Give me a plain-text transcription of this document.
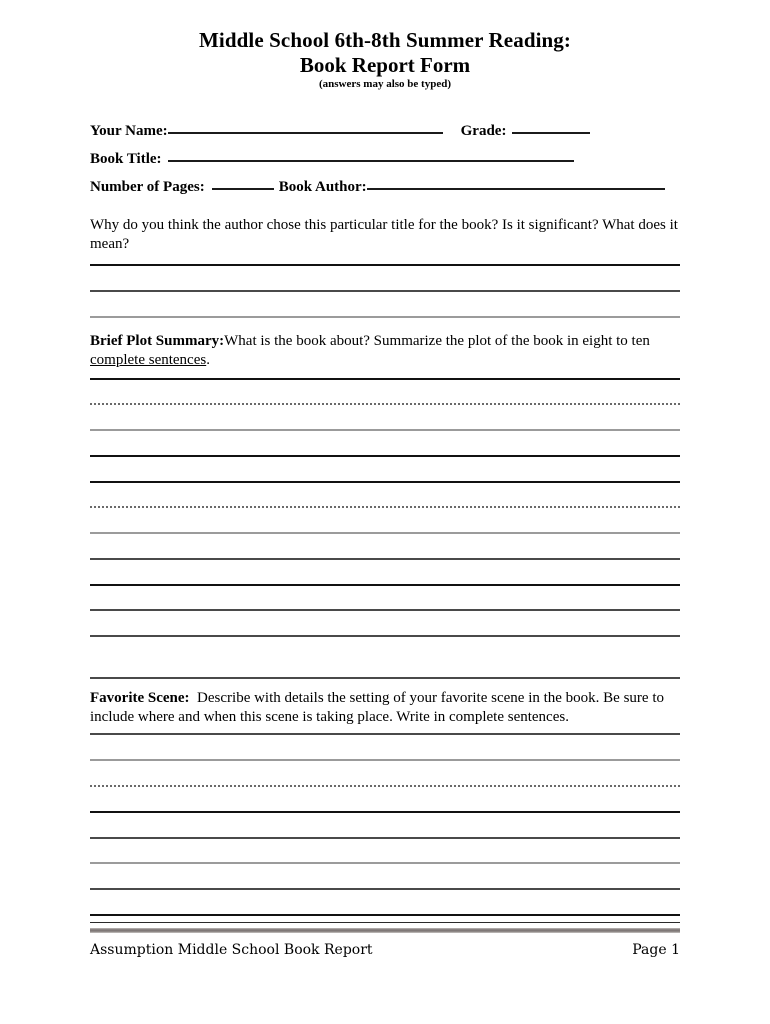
Middle School 6th-8th Summer Reading:
Book Report Form
(answers may also be typed)
Your Name:	Grade:
Book Title:
Number of Pages:	Book Author:
Why do you think the author chose this particular title for the book? Is it significant? What does it mean?
Brief Plot Summary:What is the book about? Summarize the plot of the book in eight to ten complete sentences.
Favorite Scene: Describe with details the setting of your favorite scene in the book. Be sure to include where and when this scene is taking place. Write in complete sentences.
Assumption Middle School Book Report	Page 1
